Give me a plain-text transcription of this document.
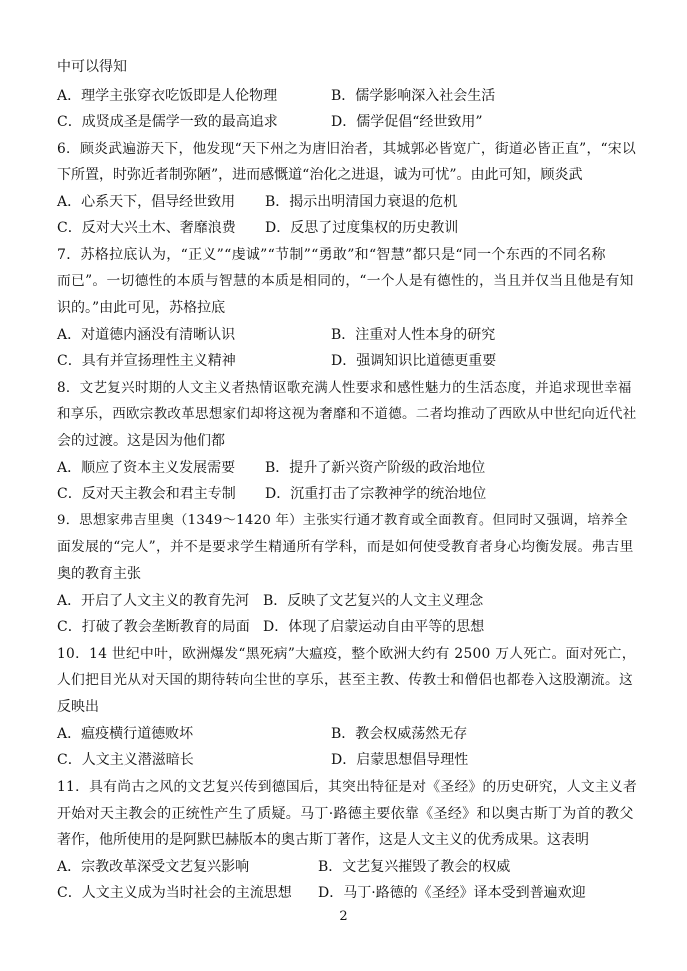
中可以得知
A．理学主张穿衣吃饭即是人伦物理	B．儒学影响深入社会生活
C．成贤成圣是儒学一致的最高追求	D．儒学促倡“经世致用”
6．顾炎武遍游天下，他发现“天下州之为唐旧治者，其城郭必皆宽广，街道必皆正直”，“宋以
下所置，时弥近者制弥陋”，进而感慨道“治化之进退，诚为可忧”。由此可知，顾炎武
A．心系天下，倡导经世致用 B．揭示出明清国力衰退的危机
C．反对大兴土木、奢靡浪费 D．反思了过度集权的历史教训
7．苏格拉底认为，“正义”“虔诚”“节制”“勇敢”和“智慧”都只是“同一个东西的不同名称
而已”。一切德性的本质与智慧的本质是相同的，“一个人是有德性的，当且并仅当且他是有知
识的。”由此可见，苏格拉底
A．对道德内涵没有清晰认识	B．注重对人性本身的研究
C．具有并宣扬理性主义精神	D．强调知识比道德更重要
8．文艺复兴时期的人文主义者热情讴歌充满人性要求和感性魅力的生活态度，并追求现世幸福
和享乐，西欧宗教改革思想家们却将这视为奢靡和不道德。二者均推动了西欧从中世纪向近代社
会的过渡。这是因为他们都
A．顺应了资本主义发展需要 B．提升了新兴资产阶级的政治地位
C．反对天主教会和君主专制 D．沉重打击了宗教神学的统治地位
9．思想家弗吉里奥（1349～1420 年）主张实行通才教育或全面教育。但同时又强调，培养全
面发展的“完人”，并不是要求学生精通所有学科，而是如何使受教育者身心均衡发展。弗吉里
奥的教育主张
A．开启了人文主义的教育先河 B．反映了文艺复兴的人文主义理念
C．打破了教会垄断教育的局面 D．体现了启蒙运动自由平等的思想
10．14 世纪中叶，欧洲爆发“黑死病”大瘟疫，整个欧洲大约有 2500 万人死亡。面对死亡，
人们把目光从对天国的期待转向尘世的享乐，甚至主教、传教士和僧侣也都卷入这股潮流。这
反映出
A．瘟疫横行道德败坏	B．教会权威荡然无存
C．人文主义潜滋暗长	D．启蒙思想倡导理性
11．具有尚古之风的文艺复兴传到德国后，其突出特征是对《圣经》的历史研究，人文主义者
开始对天主教会的正统性产生了质疑。马丁·路德主要依靠《圣经》和以奥古斯丁为首的教父
著作，他所使用的是阿默巴赫版本的奥古斯丁著作，这是人文主义的优秀成果。这表明
A．宗教改革深受文艺复兴影响	B．文艺复兴摧毁了教会的权威
C．人文主义成为当时社会的主流思想 D．马丁·路德的《圣经》译本受到普遍欢迎
2
